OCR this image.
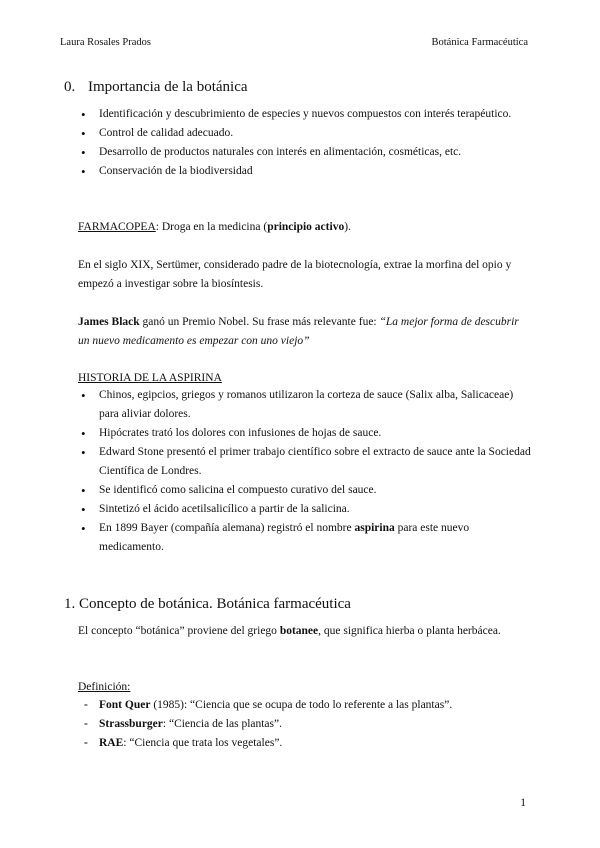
Laura Rosales Prados	Botánica Farmacéutica
0. Importancia de la botánica
• Identificación y descubrimiento de especies y nuevos compuestos con interés terapéutico.
• Control de calidad adecuado.
• Desarrollo de productos naturales con interés en alimentación, cosméticas, etc.
• Conservación de la biodiversidad

FARMACOPEA: Droga en la medicina (principio activo).

En el siglo XIX, Sertümer, considerado padre de la biotecnología, extrae la morfina del opio y empezó a investigar sobre la biosíntesis.

James Black ganó un Premio Nobel. Su frase más relevante fue: “La mejor forma de descubrir un nuevo medicamento es empezar con uno viejo”

HISTORIA DE LA ASPIRINA

• Chinos, egipcios, griegos y romanos utilizaron la corteza de sauce (Salix alba, Salicaceae) para aliviar dolores.
• Hipócrates trató los dolores con infusiones de hojas de sauce.
• Edward Stone presentó el primer trabajo científico sobre el extracto de sauce ante la Sociedad Científica de Londres.
• Se identificó como salicina el compuesto curativo del sauce.
• Sintetizó el ácido acetilsalicílico a partir de la salicina.
• En 1899 Bayer (compañía alemana) registró el nombre aspirina para este nuevo medicamento.
1. Concepto de botánica. Botánica farmacéutica

El concepto “botánica” proviene del griego botanee, que significa hierba o planta herbácea.

Definición:

- Font Quer (1985): “Ciencia que se ocupa de todo lo referente a las plantas”.
- Strassburger: “Ciencia de las plantas”.
- RAE: “Ciencia que trata los vegetales”.
1
